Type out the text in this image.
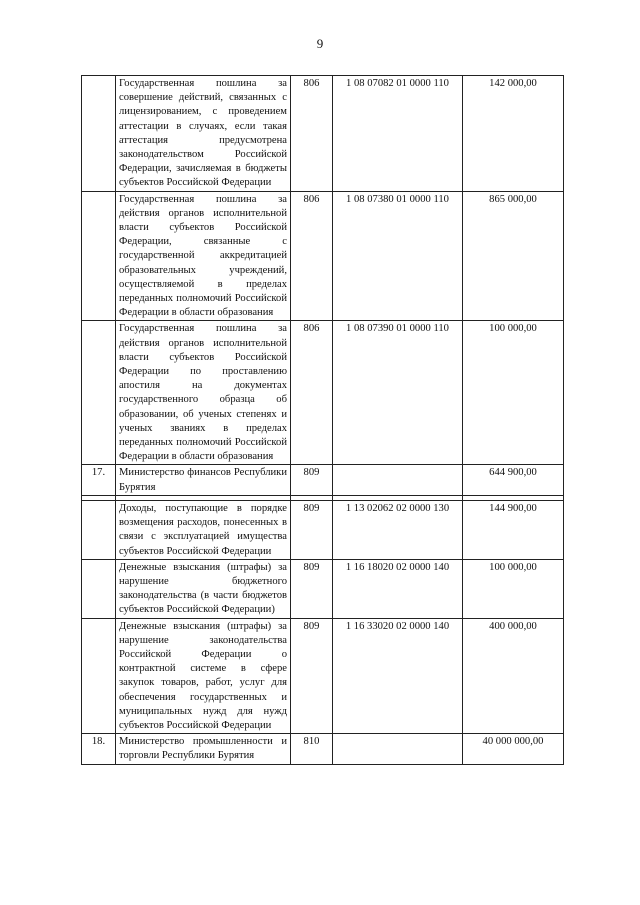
9
	Государственная пошлина за совершение действий, связанных с лицензированием, с проведением аттестации в случаях, если такая аттестация предусмотрена законодательством Российской Федерации, зачисляемая в бюджеты субъектов Российской Федерации	806	1 08 07082 01 0000 110	142 000,00
	Государственная пошлина за действия органов исполнительной власти субъектов Российской Федерации, связанные с государственной аккредитацией образовательных учреждений, осуществляемой в пределах переданных полномочий Российской Федерации в области образования	806	1 08 07380 01 0000 110	865 000,00
	Государственная пошлина за действия органов исполнительной власти субъектов Российской Федерации по проставлению апостиля на документах государственного образца об образовании, об ученых степенях и ученых званиях в пределах переданных полномочий Российской Федерации в области образования	806	1 08 07390 01 0000 110	100 000,00
17.	Министерство финансов Республики Бурятия	809		644 900,00

	Доходы, поступающие в порядке возмещения расходов, понесенных в связи с эксплуатацией имущества субъектов Российской Федерации	809	1 13 02062 02 0000 130	144 900,00
	Денежные взыскания (штрафы) за нарушение бюджетного законодательства (в части бюджетов субъектов Российской Федерации)	809	1 16 18020 02 0000 140	100 000,00
	Денежные взыскания (штрафы) за нарушение законодательства Российской Федерации о контрактной системе в сфере закупок товаров, работ, услуг для обеспечения государственных и муниципальных нужд для нужд субъектов Российской Федерации	809	1 16 33020 02 0000 140	400 000,00
18.	Министерство промышленности и торговли Республики Бурятия	810		40 000 000,00
